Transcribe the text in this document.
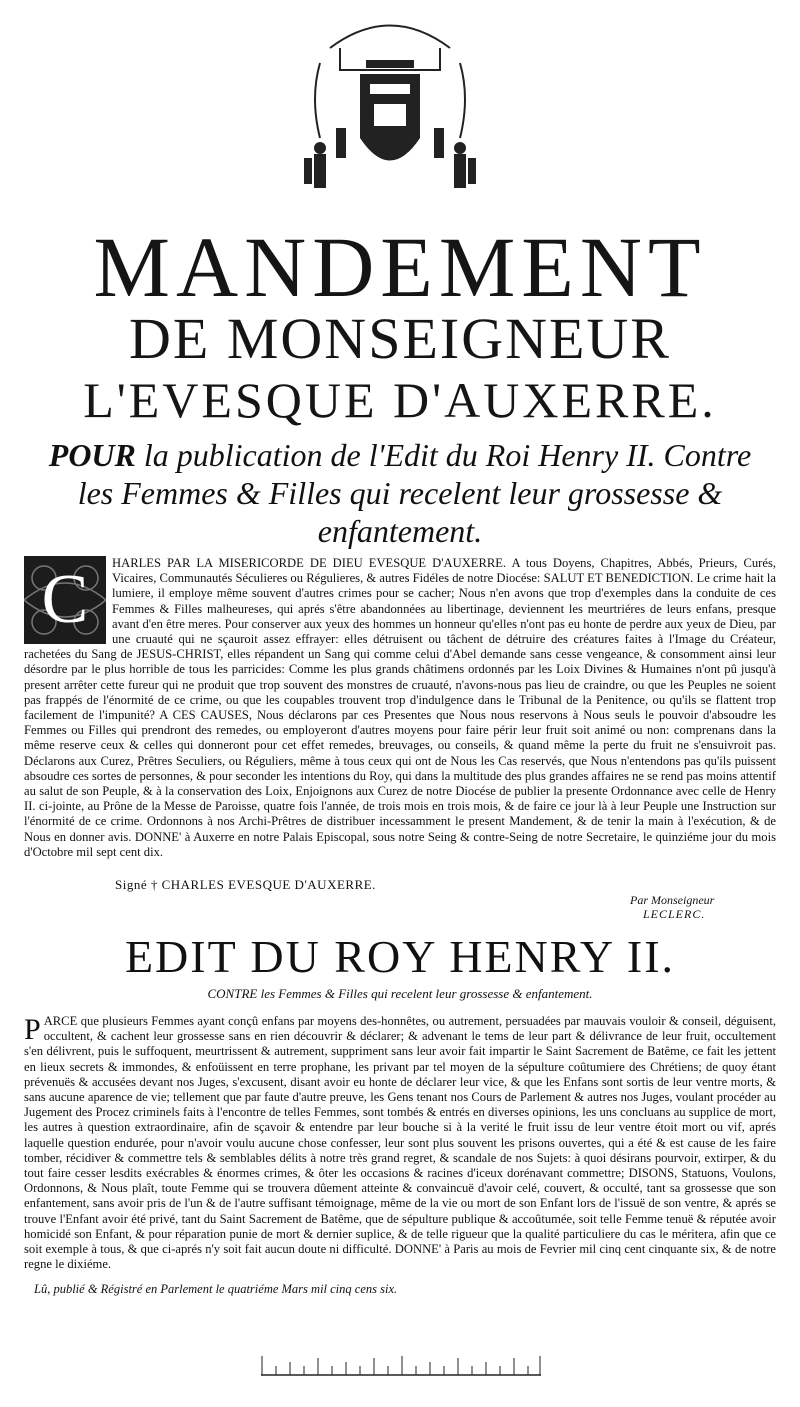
MANDEMENT
DE MONSEIGNEUR
L'EVESQUE D'AUXERRE.

POUR la publication de l'Edit du Roi Henry II. Contre les Femmes & Filles qui recelent leur grossesse & enfantement.

C	HARLES PAR LA MISERICORDE DE DIEU EVESQUE D'AUXERRE. A tous Doyens, Chapitres, Abbés, Prieurs, Curés, Vicaires, Communautés Séculieres ou Régulieres, & autres Fidéles de notre Diocése: SALUT ET BENEDICTION. Le crime hait la lumiere, il employe même souvent d'autres crimes pour se cacher; Nous n'en avons que trop d'exemples dans la conduite de ces Femmes & Filles malheureses, qui aprés s'être abandonnées au libertinage, deviennent les meurtriéres de leurs enfans, presque avant d'en être meres. Pour conserver aux yeux des hommes un honneur qu'elles n'ont pas eu honte de perdre aux yeux de Dieu, par une cruauté qui ne sçauroit assez effrayer: elles détruisent ou tâchent de détruire des créatures faites à l'Image du Créateur, rachetées du Sang de JESUS-CHRIST, elles répandent un Sang qui comme celui d'Abel demande sans cesse vengeance, & consomment ainsi leur désordre par le plus horrible de tous les parricides: Comme les plus grands châtimens ordonnés par les Loix Divines & Humaines n'ont pû jusqu'à present arrêter cette fureur qui ne produit que trop souvent des monstres de cruauté, n'avons-nous pas lieu de craindre, ou que les Peuples ne soient pas frappés de l'énormité de ce crime, ou que les coupables trouvent trop d'indulgence dans le Tribunal de la Penitence, ou qu'ils se flattent trop facilement de l'impunité? A CES CAUSES, Nous déclarons par ces Presentes que Nous nous reservons à Nous seuls le pouvoir d'absoudre les Femmes ou Filles qui prendront des remedes, ou employeront d'autres moyens pour faire périr leur fruit soit animé ou non: comprenans dans la même reserve ceux & celles qui donneront pour cet effet remedes, breuvages, ou conseils, & quand même la perte du fruit ne s'ensuivroit pas. Déclarons aux Curez, Prêtres Seculiers, ou Réguliers, même à tous ceux qui ont de Nous les Cas reservés, que Nous n'entendons pas qu'ils puissent absoudre ces sortes de personnes, & pour seconder les intentions du Roy, qui dans la multitude des plus grandes affaires ne se rend pas moins attentif au salut de son Peuple, & à la conservation des Loix, Enjoignons aux Curez de notre Diocése de publier la presente Ordonnance avec celle de Henry II. ci-jointe, au Prône de la Messe de Paroisse, quatre fois l'année, de trois mois en trois mois, & de faire ce jour là à leur Peuple une Instruction sur l'énormité de ce crime. Ordonnons à nos Archi-Prêtres de distribuer incessamment le present Mandement, & de tenir la main à l'exécution, & de Nous en donner avis. DONNE' à Auxerre en notre Palais Episcopal, sous notre Seing & contre-Seing de notre Secretaire, le quinziéme jour du mois d'Octobre mil sept cent dix.
Signé † CHARLES EVESQUE D'AUXERRE.
Par Monseigneur
LECLERC.
EDIT DU ROY HENRY II.

CONTRE les Femmes & Filles qui recelent leur grossesse & enfantement.

P ARCE que plusieurs Femmes ayant conçû enfans par moyens des-honnêtes, ou autrement, persuadées par mauvais vouloir & conseil, déguisent, occultent, & cachent leur grossesse sans en rien découvrir & déclarer; & advenant le tems de leur part & délivrance de leur fruit, occultement s'en délivrent, puis le suffoquent, meurtrissent & autrement, suppriment sans leur avoir fait impartir le Saint Sacrement de Batême, ce fait les jettent en lieux secrets & immondes, & enfoüissent en terre prophane, les privant par tel moyen de la sépulture coûtumiere des Chrétiens; de quoy étant prévenuës & accusées devant nos Juges, s'excusent, disant avoir eu honte de déclarer leur vice, & que les Enfans sont sortis de leur ventre morts, & sans aucune aparence de vie; tellement que par faute d'autre preuve, les Gens tenant nos Cours de Parlement & autres nos Juges, voulant procéder au Jugement des Procez criminels faits à l'encontre de telles Femmes, sont tombés & entrés en diverses opinions, les uns concluans au supplice de mort, les autres à question extraordinaire, afin de sçavoir & entendre par leur bouche si à la verité le fruit issu de leur ventre étoit mort ou vif, aprés laquelle question endurée, pour n'avoir voulu aucune chose confesser, leur sont plus souvent les prisons ouvertes, qui a été & est cause de les faire tomber, récidiver & commettre tels & semblables délits à notre très grand regret, & scandale de nos Sujets: à quoi désirans pourvoir, extirper, & du tout faire cesser lesdits exécrables & énormes crimes, & ôter les occasions & racines d'iceux dorénavant commettre; DISONS, Statuons, Voulons, Ordonnons, & Nous plaît, toute Femme qui se trouvera dûement atteinte & convaincuë d'avoir celé, couvert, & occulté, tant sa grossesse que son enfantement, sans avoir pris de l'un & de l'autre suffisant témoignage, même de la vie ou mort de son Enfant lors de l'issuë de son ventre, & aprés se trouve l'Enfant avoir été privé, tant du Saint Sacrement de Batême, que de sépulture publique & accoûtumée, soit telle Femme tenuë & réputée avoir homicidé son Enfant, & pour réparation punie de mort & dernier suplice, & de telle rigueur que la qualité particuliere du cas le méritera, afin que ce soit exemple à tous, & que ci-aprés n'y soit fait aucun doute ni difficulté. DONNE' à Paris au mois de Fevrier mil cinq cent cinquante six, & de notre regne le dixiéme.
Lû, publié & Régistré en Parlement le quatriéme Mars mil cinq cens six.
